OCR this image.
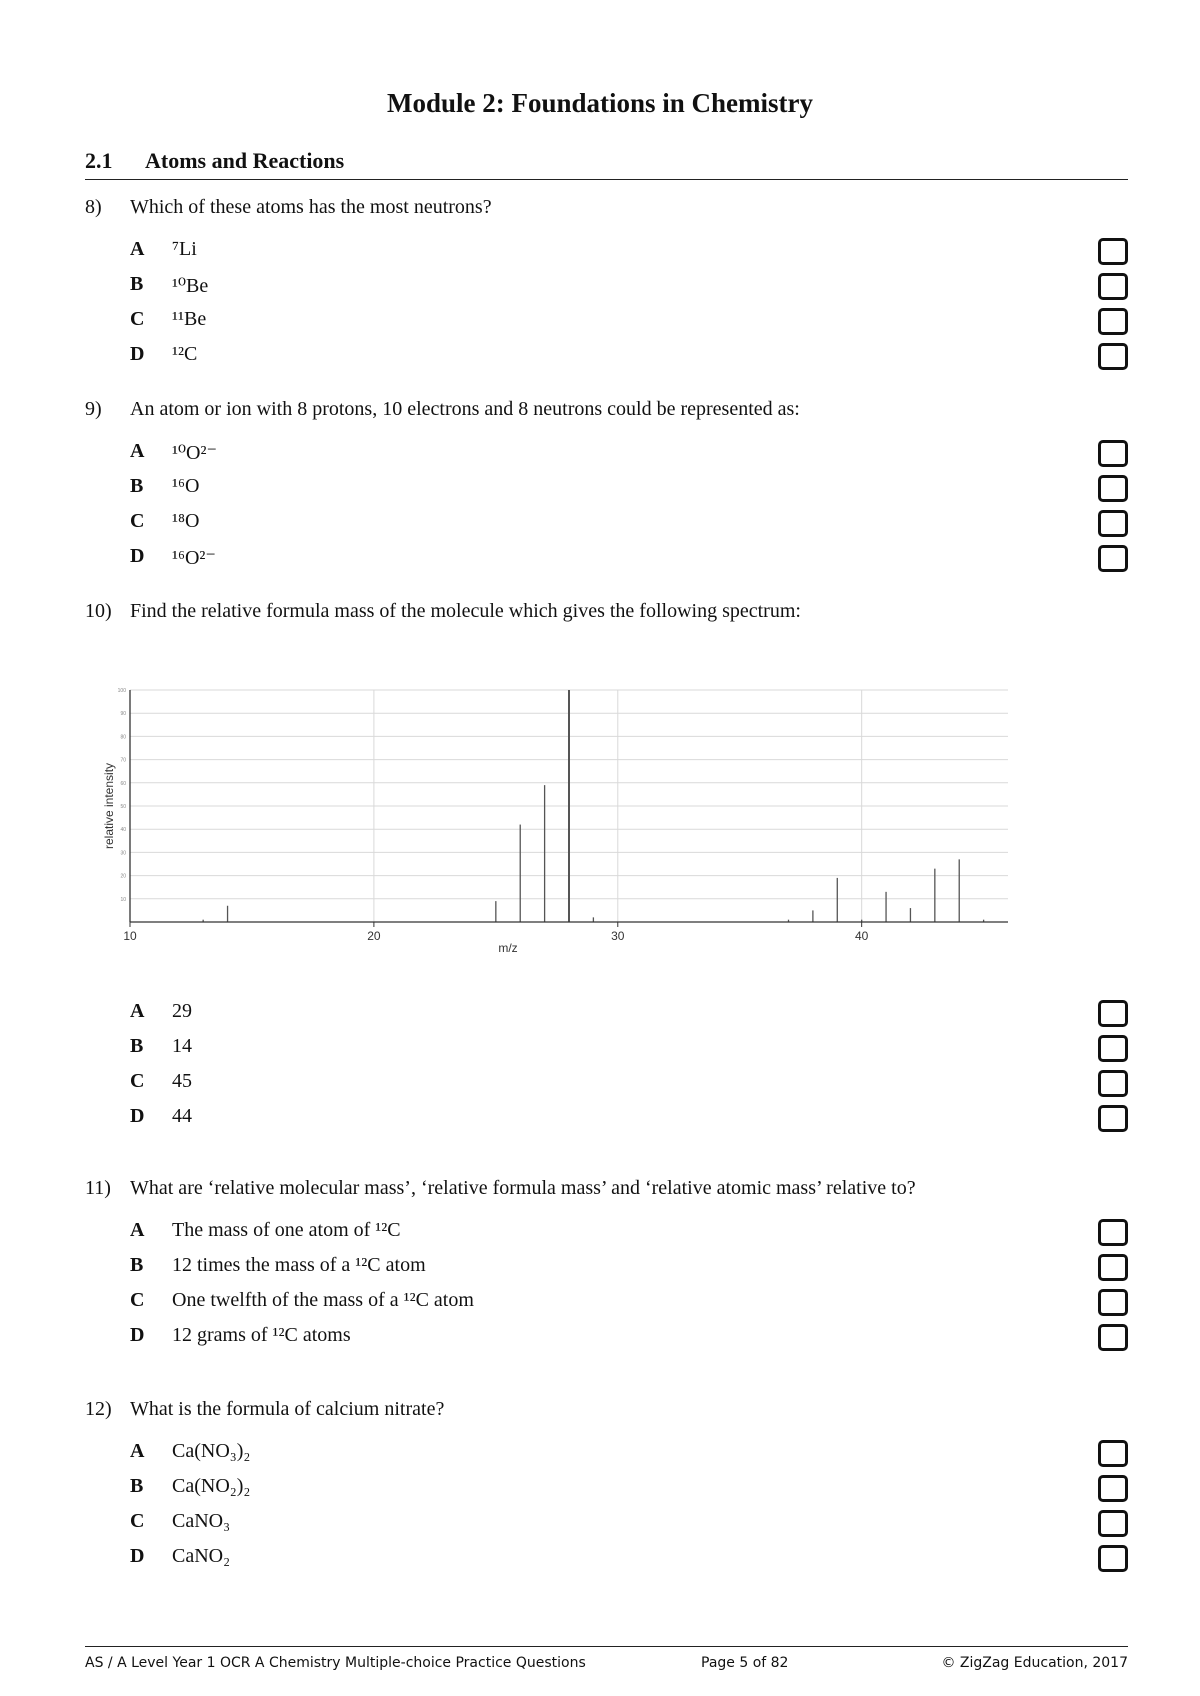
Module 2: Foundations in Chemistry
2.1 Atoms and Reactions
8) Which of these atoms has the most neutrons?
A ⁷Li
B ¹⁰Be
C ¹¹Be
D ¹²C
9) An atom or ion with 8 protons, 10 electrons and 8 neutrons could be represented as:
A ¹⁰O²⁻
B ¹⁶O
C ¹⁸O
D ¹⁶O²⁻
10) Find the relative formula mass of the molecule which gives the following spectrum:
10	20	30	40
10
20
30
40
50
60
70
80
90
100
m/z
relative intensity
A 29
B 14
C 45
D 44
11) What are ‘relative molecular mass’, ‘relative formula mass’ and ‘relative atomic mass’ relative to?
A The mass of one atom of ¹²C
B 12 times the mass of a ¹²C atom
C One twelfth of the mass of a ¹²C atom
D 12 grams of ¹²C atoms
12) What is the formula of calcium nitrate?
A Ca(NO₃)₂
B Ca(NO₂)₂
C CaNO₃
D CaNO₂
AS / A Level Year 1 OCR A Chemistry Multiple-choice Practice Questions	Page 5 of 82	© ZigZag Education, 2017
